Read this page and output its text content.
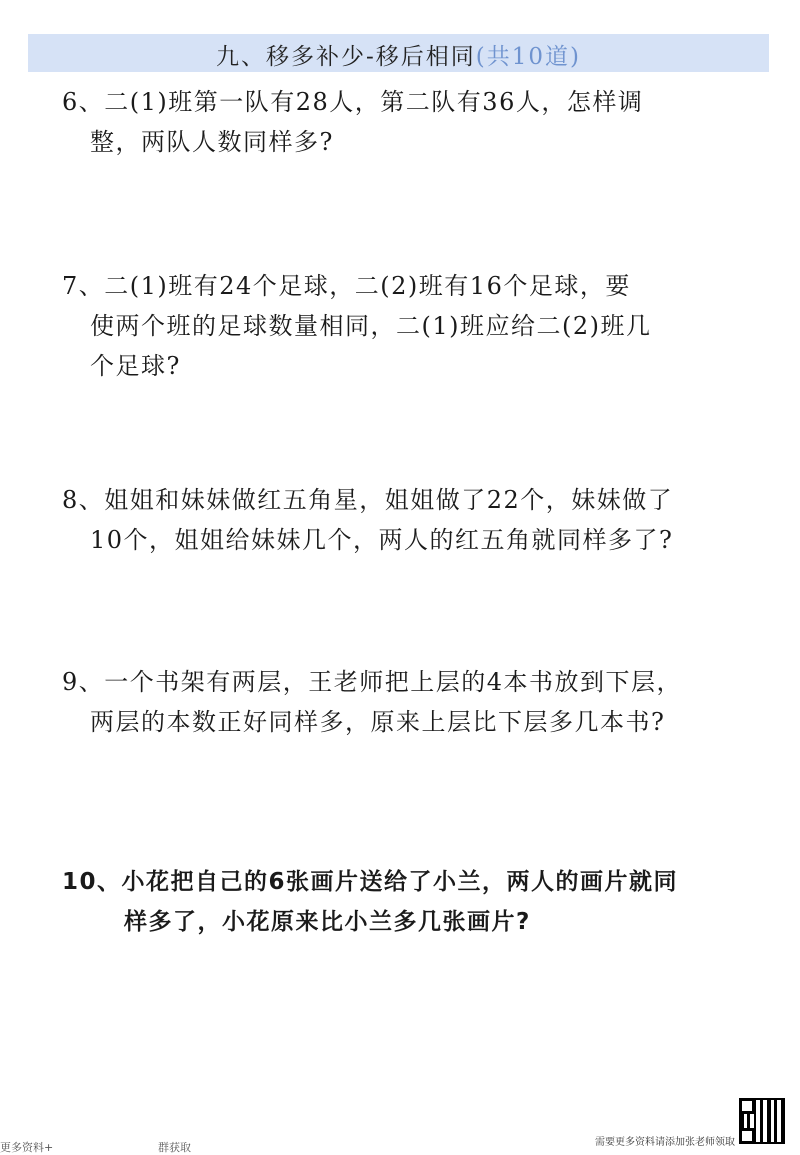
九、移多补少-移后相同(共10道)
6、二(1)班第一队有28人，第二队有36人，怎样调
整，两队人数同样多?
7、二(1)班有24个足球，二(2)班有16个足球，要
使两个班的足球数量相同，二(1)班应给二(2)班几
个足球?
8、姐姐和妹妹做红五角星，姐姐做了22个，妹妹做了
10个，姐姐给妹妹几个，两人的红五角就同样多了?
9、一个书架有两层，王老师把上层的4本书放到下层，
两层的本数正好同样多，原来上层比下层多几本书?
10、小花把自己的6张画片送给了小兰，两人的画片就同
样多了，小花原来比小兰多几张画片?
更多资料+	群获取	需要更多资料请添加张老师领取
